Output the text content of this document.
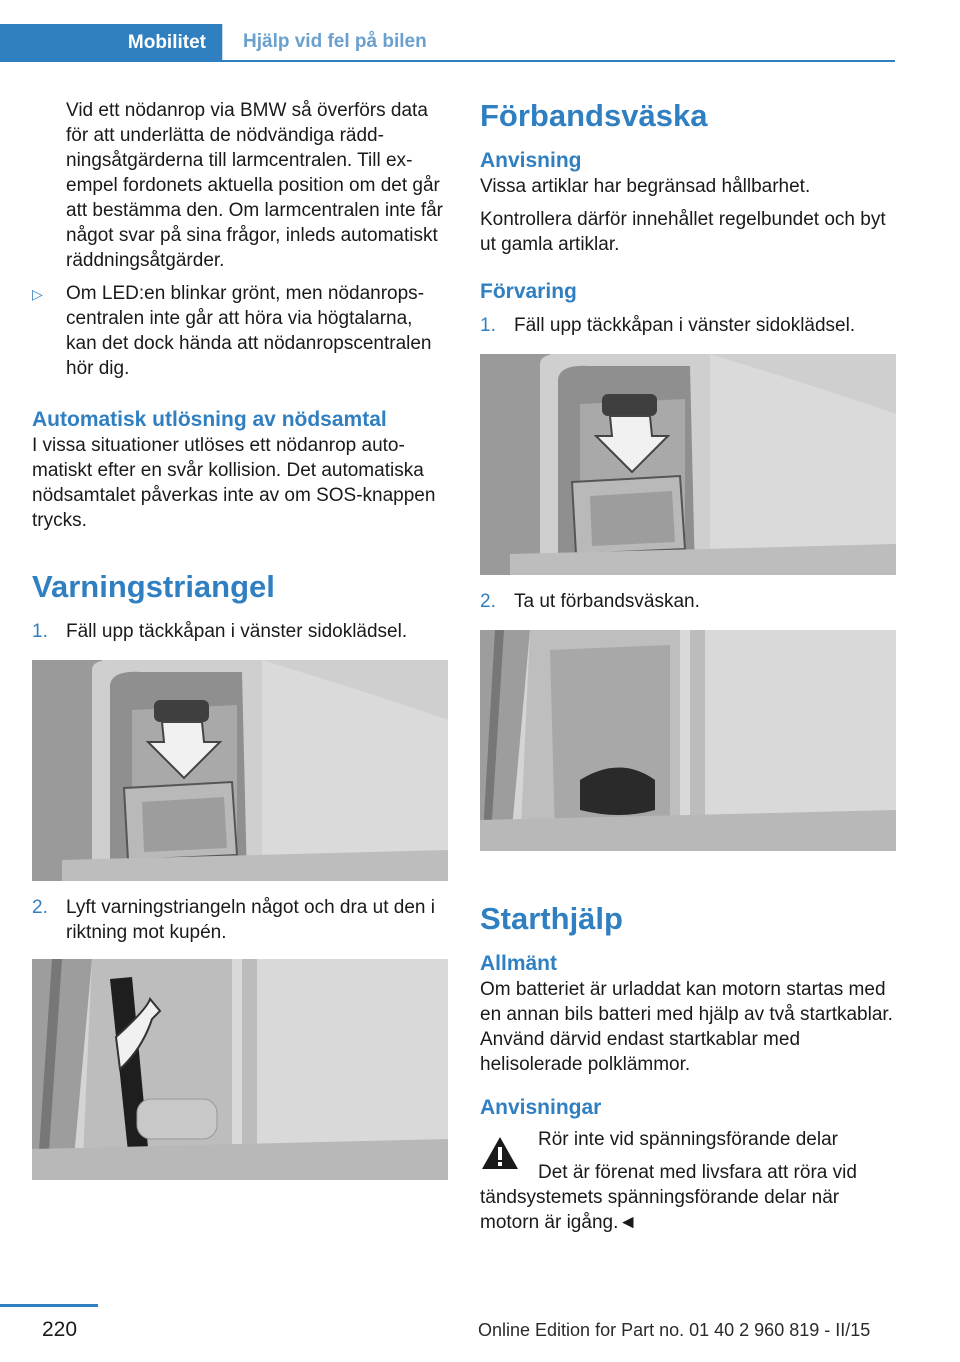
Mobilitet	Hjälp vid fel på bilen

Vid ett nödanrop via BMW så överförs data för att underlätta de nödvändiga räddningsåtgärderna till larmcentralen. Till exempel fordonets aktuella position om det går att bestämma den. Om larmcentralen inte får något svar på sina frågor, inleds automatiskt räddningsåtgärder.

▷	Om LED:en blinkar grönt, men nödanropscentralen inte går att höra via högtalarna, kan det dock hända att nödanropscentralen hör dig.
Automatisk utlösning av nödsamtal

I vissa situationer utlöses ett nödanrop automatiskt efter en svår kollision. Det automatiska nödsamtalet påverkas inte av om SOS-knappen trycks.

Varningstriangel
1. Fäll upp täckkåpan i vänster sidoklädsel.
2. Lyft varningstriangeln något och dra ut den i riktning mot kupén.
Förbandsväska
Anvisning

Vissa artiklar har begränsad hållbarhet.

Kontrollera därför innehållet regelbundet och byt ut gamla artiklar.

Förvaring
1. Fäll upp täckkåpan i vänster sidoklädsel.
2. Ta ut förbandsväskan.
Starthjälp
Allmänt

Om batteriet är urladdat kan motorn startas med en annan bils batteri med hjälp av två startkablar. Använd därvid endast startkablar med helisolerade polklämmor.

Anvisningar

Rör inte vid spänningsförande delar

Det är förenat med livsfara att röra vid

tändsystemets spänningsförande delar när motorn är igång.◄

220	Online Edition for Part no. 01 40 2 960 819 - II/15
